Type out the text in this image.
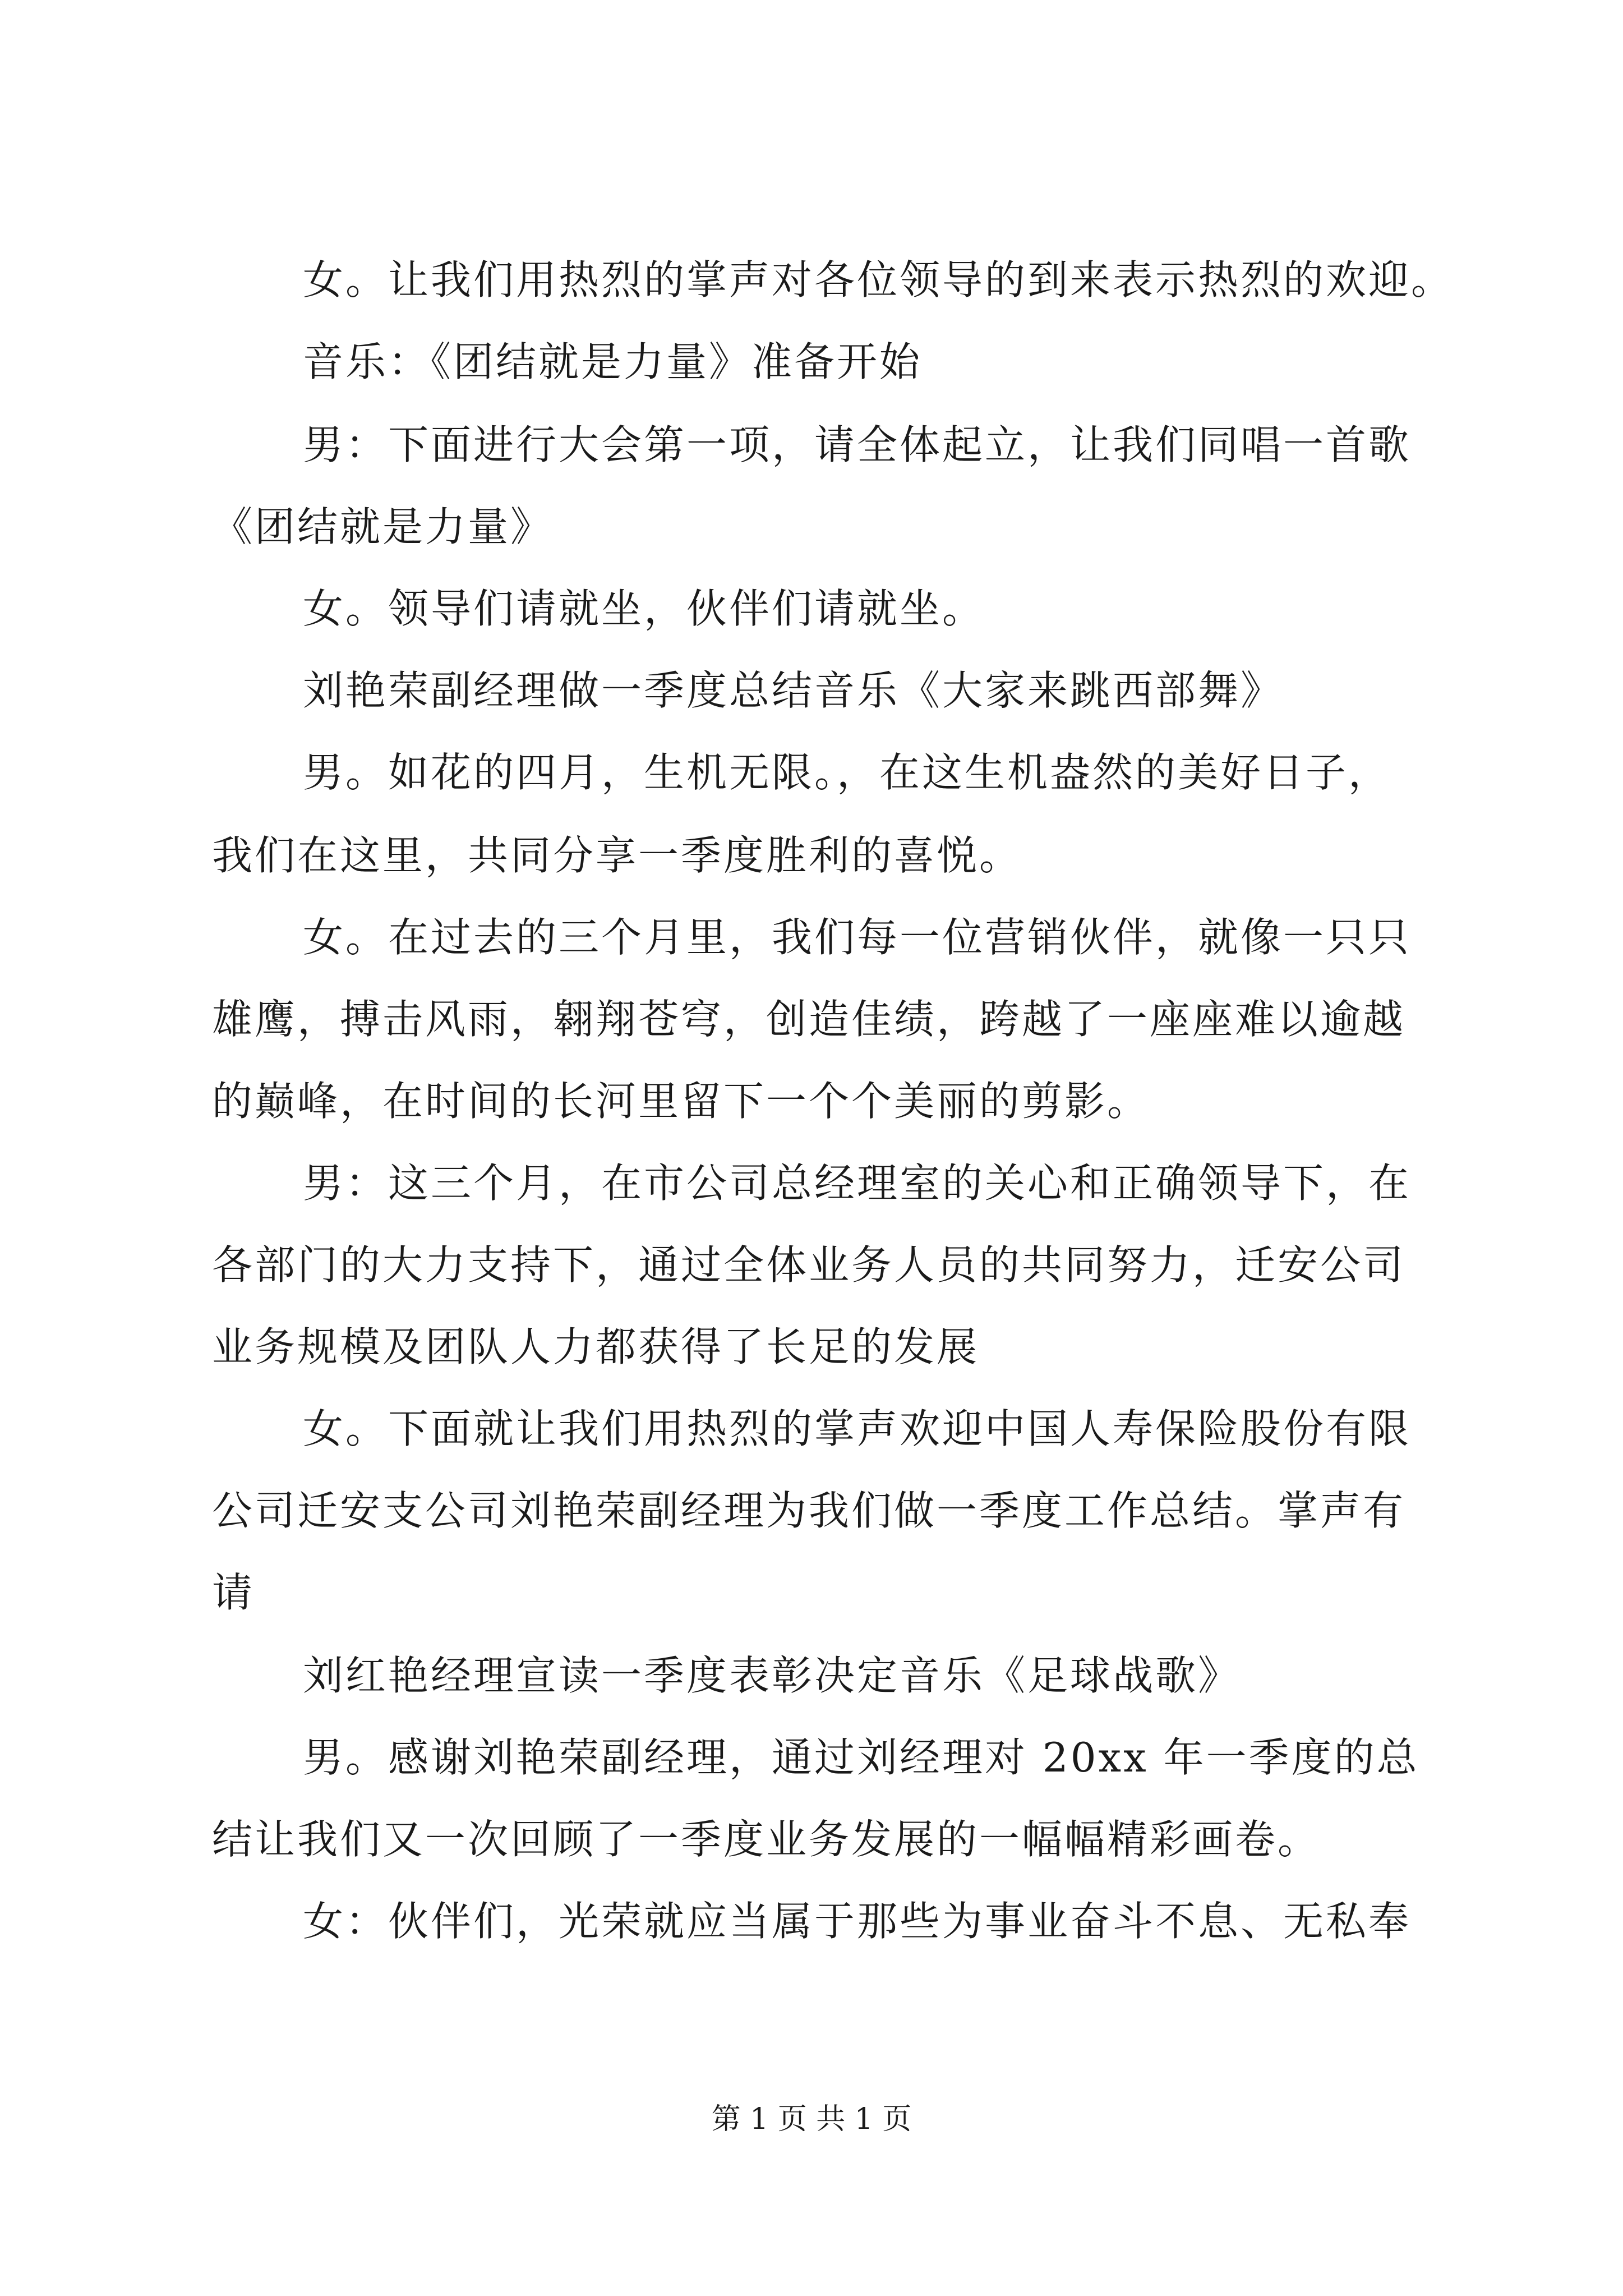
女。让我们用热烈的掌声对各位领导的到来表示热烈的欢迎。
音乐：《团结就是力量》准备开始
男：下面进行大会第一项，请全体起立，让我们同唱一首歌
《团结就是力量》
女。领导们请就坐，伙伴们请就坐。
刘艳荣副经理做一季度总结音乐《大家来跳西部舞》
男。如花的四月，生机无限。，在这生机盎然的美好日子，
我们在这里，共同分享一季度胜利的喜悦。
女。在过去的三个月里，我们每一位营销伙伴，就像一只只
雄鹰，搏击风雨，翱翔苍穹，创造佳绩，跨越了一座座难以逾越
的巅峰，在时间的长河里留下一个个美丽的剪影。
男：这三个月，在市公司总经理室的关心和正确领导下，在
各部门的大力支持下，通过全体业务人员的共同努力，迁安公司
业务规模及团队人力都获得了长足的发展
女。下面就让我们用热烈的掌声欢迎中国人寿保险股份有限
公司迁安支公司刘艳荣副经理为我们做一季度工作总结。掌声有
请
刘红艳经理宣读一季度表彰决定音乐《足球战歌》
男。感谢刘艳荣副经理，通过刘经理对 20xx 年一季度的总
结让我们又一次回顾了一季度业务发展的一幅幅精彩画卷。
女：伙伴们，光荣就应当属于那些为事业奋斗不息、无私奉
第 1 页 共 1 页
